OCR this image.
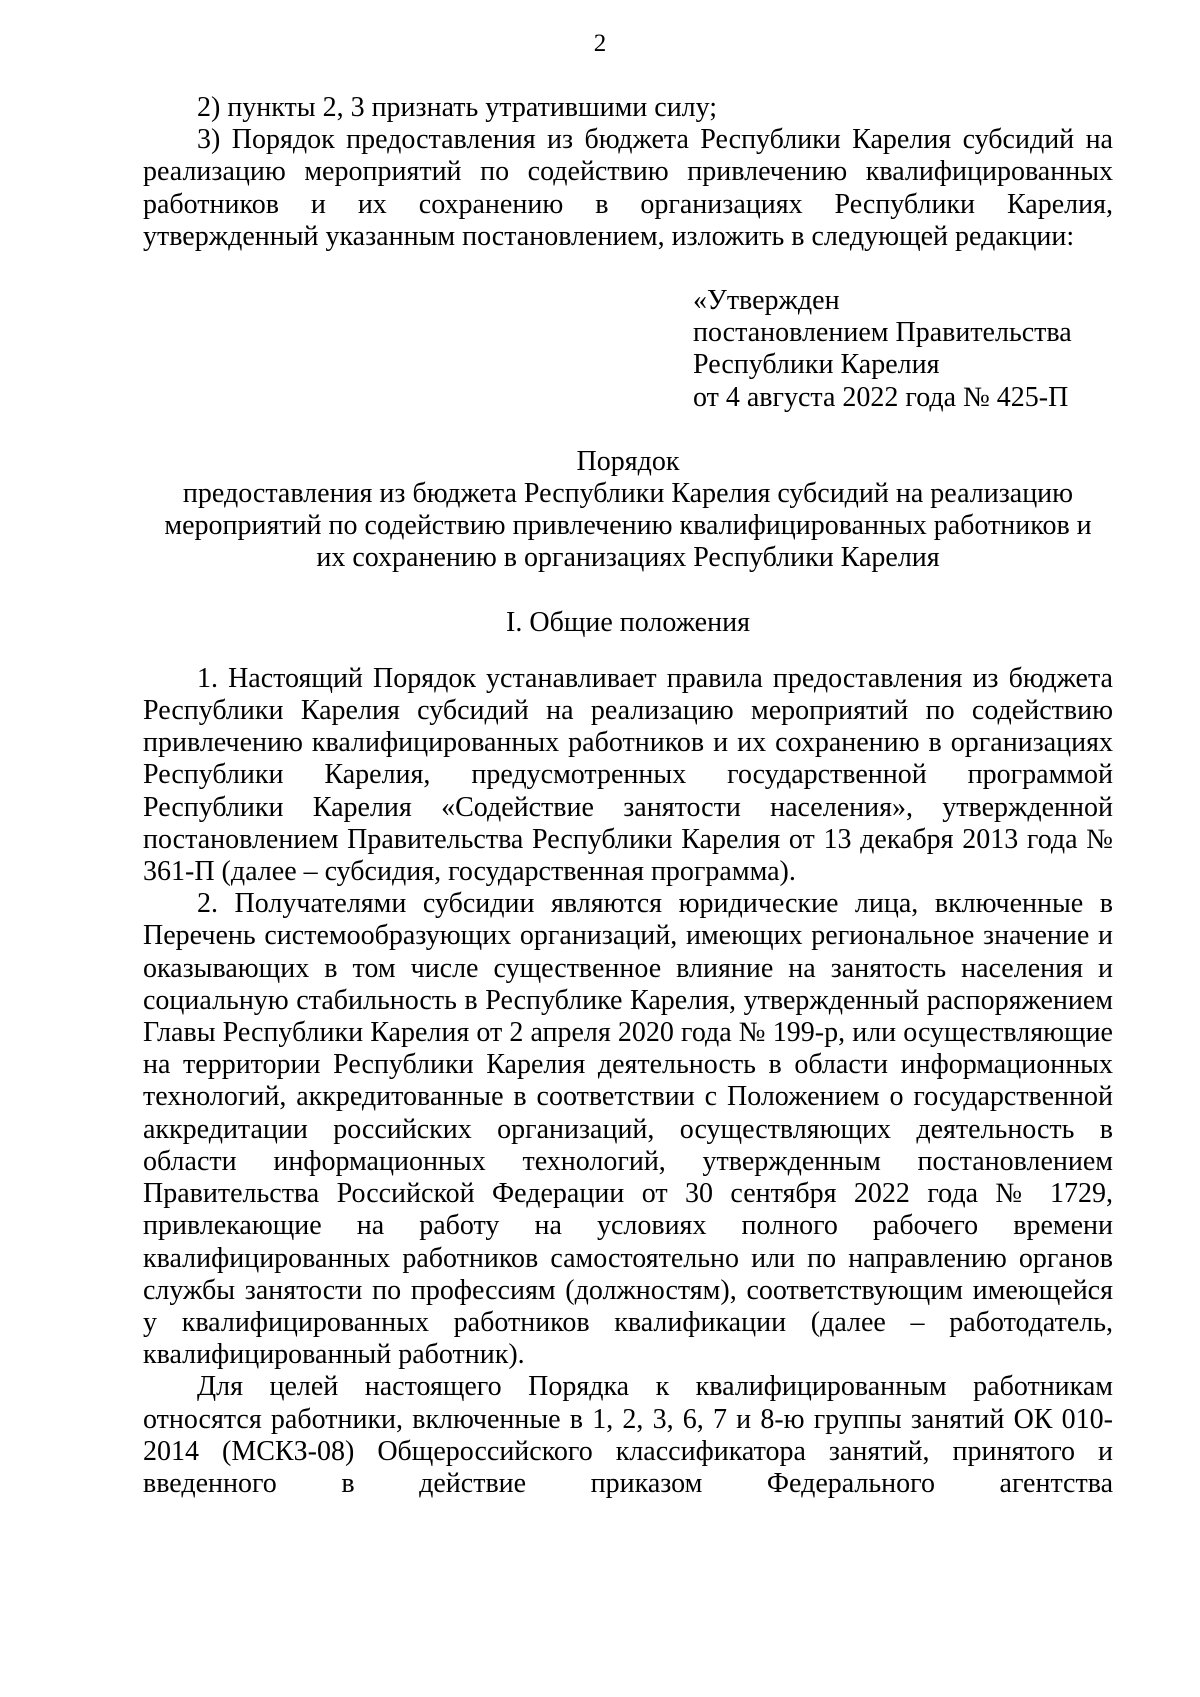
2

2) пункты 2, 3 признать утратившими силу;

3) Порядок предоставления из бюджета Республики Карелия субсидий на реализацию мероприятий по содействию привлечению квалифицированных работников и их сохранению в организациях Республики Карелия, утвержденный указанным постановлением, изложить в следующей редакции:

«Утвержден
постановлением Правительства
Республики Карелия
от 4 августа 2022 года № 425-П
Порядок
предоставления из бюджета Республики Карелия субсидий на реализацию
мероприятий по содействию привлечению квалифицированных работников и
их сохранению в организациях Республики Карелия
I. Общие положения

1. Настоящий Порядок устанавливает правила предоставления из бюджета Республики Карелия субсидий на реализацию мероприятий по содействию привлечению квалифицированных работников и их сохранению в организациях Республики Карелия, предусмотренных государственной программой Республики Карелия «Содействие занятости населения», утвержденной постановлением Правительства Республики Карелия от 13 декабря 2013 года № 361-П (далее – субсидия, государственная программа).

2. Получателями субсидии являются юридические лица, включенные в Перечень системообразующих организаций, имеющих региональное значение и оказывающих в том числе существенное влияние на занятость населения и социальную стабильность в Республике Карелия, утвержденный распоряжением Главы Республики Карелия от 2 апреля 2020 года № 199-р, или осуществляющие на территории Республики Карелия деятельность в области информационных технологий, аккредитованные в соответствии с Положением о государственной аккредитации российских организаций, осуществляющих деятельность в области информационных технологий, утвержденным постановлением Правительства Российской Федерации от 30 сентября 2022 года № 1729, привлекающие на работу на условиях полного рабочего времени квалифицированных работников самостоятельно или по направлению органов службы занятости по профессиям (должностям), соответствующим имеющейся у квалифицированных работников квалификации (далее – работодатель, квалифицированный работник).

Для целей настоящего Порядка к квалифицированным работникам относятся работники, включенные в 1, 2, 3, 6, 7 и 8-ю группы занятий ОК 010-2014 (МСКЗ-08) Общероссийского классификатора занятий, принятого и введенного в действие приказом Федерального агентства
